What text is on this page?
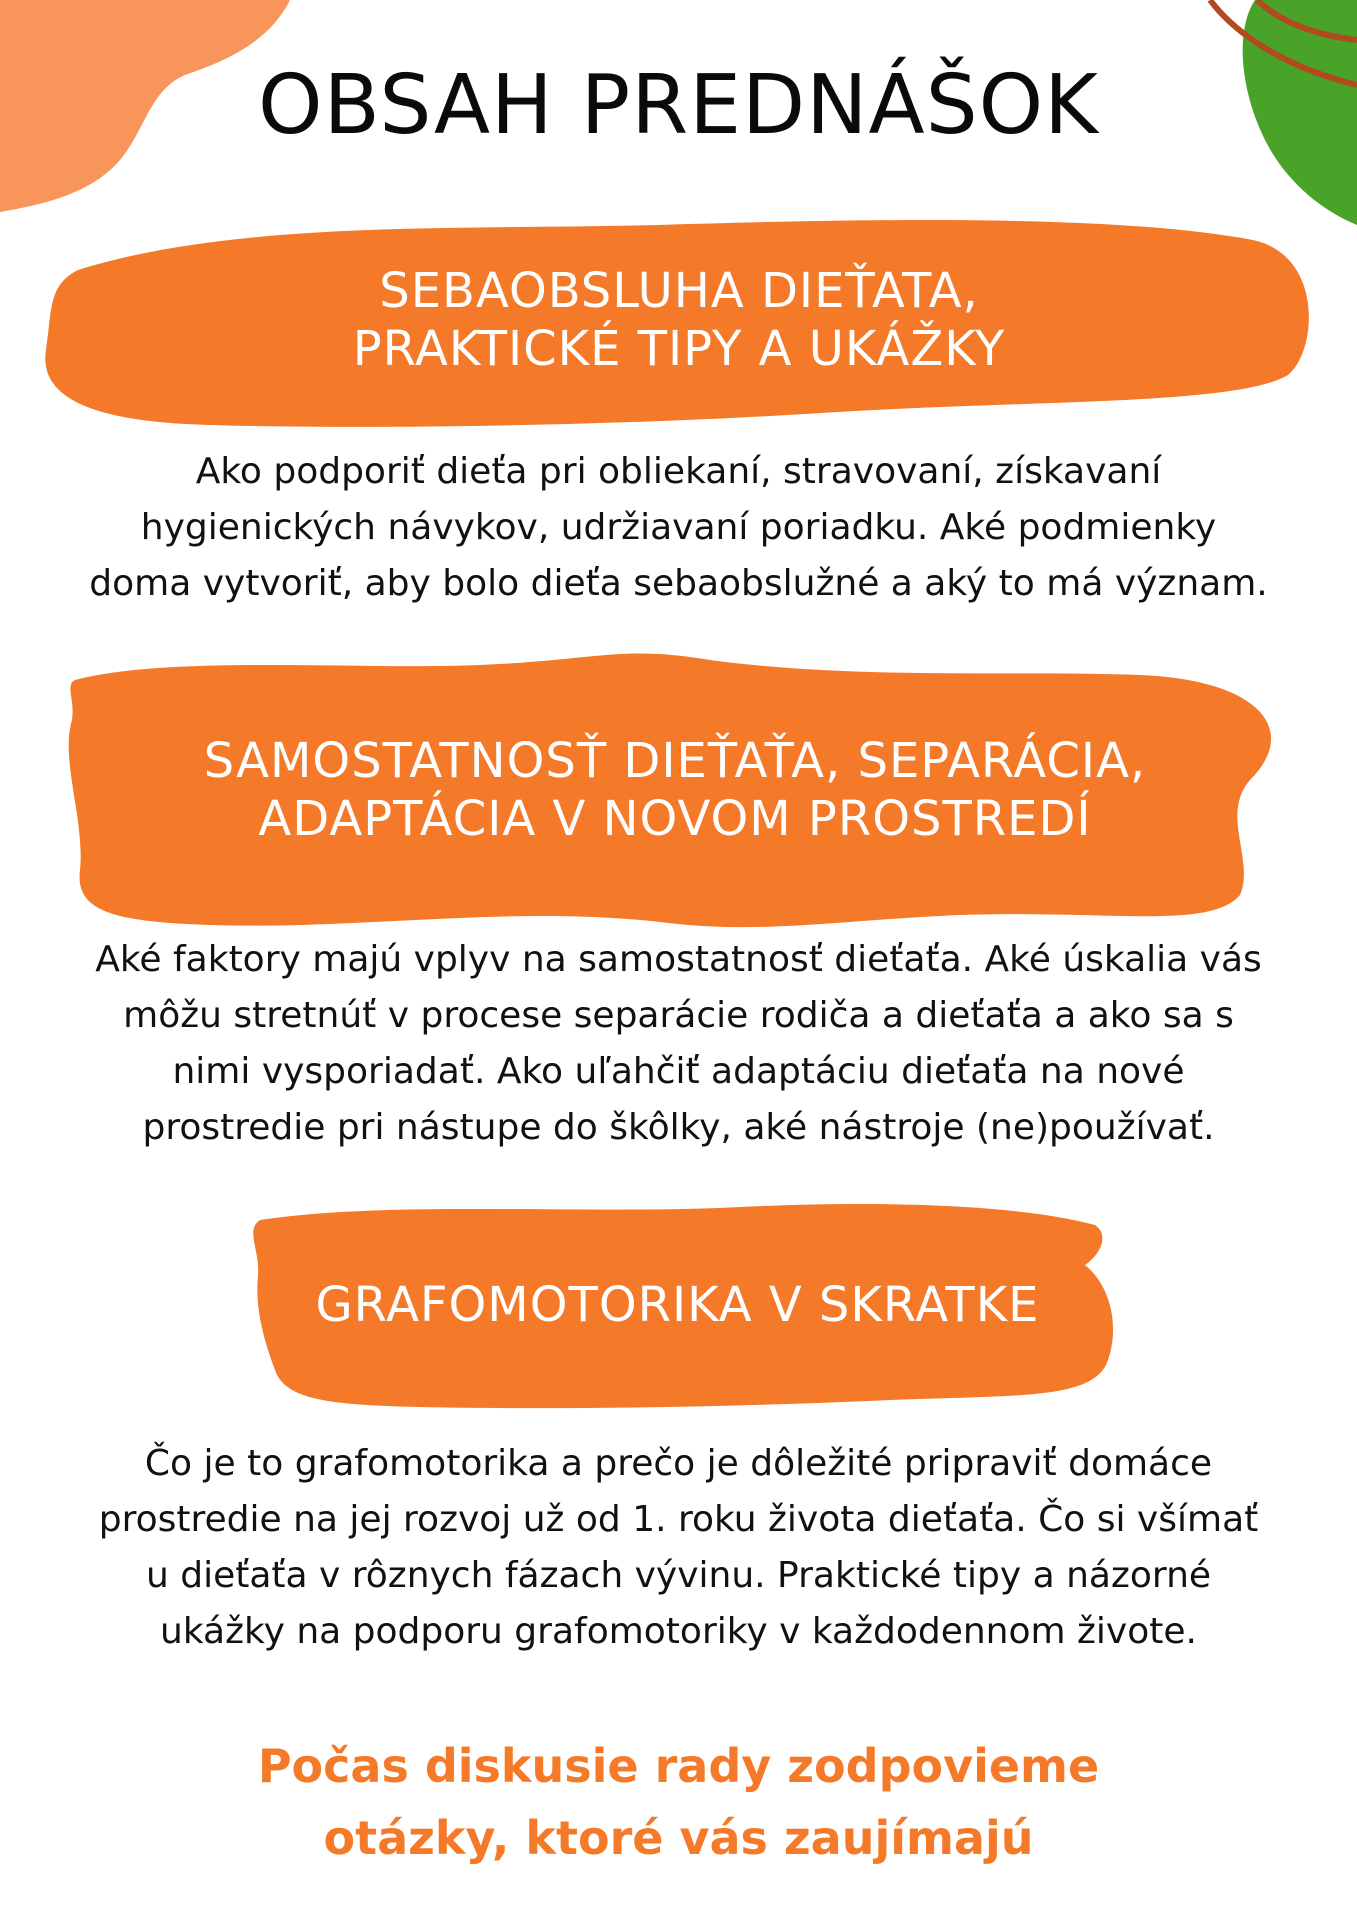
OBSAH PREDNÁŠOK
SEBAOBSLUHA DIEŤATA,
PRAKTICKÉ TIPY A UKÁŽKY
Ako podporiť dieťa pri obliekaní, stravovaní, získavaní
hygienických návykov, udržiavaní poriadku. Aké podmienky
doma vytvoriť, aby bolo dieťa sebaobslužné a aký to má význam.
SAMOSTATNOSŤ DIEŤAŤA, SEPARÁCIA,
ADAPTÁCIA V NOVOM PROSTREDÍ
Aké faktory majú vplyv na samostatnosť dieťaťa. Aké úskalia vás
môžu stretnúť v procese separácie rodiča a dieťaťa a ako sa s
nimi vysporiadať. Ako uľahčiť adaptáciu dieťaťa na nové
prostredie pri nástupe do škôlky, aké nástroje (ne)používať.
GRAFOMOTORIKA V SKRATKE
Čo je to grafomotorika a prečo je dôležité pripraviť domáce
prostredie na jej rozvoj už od 1. roku života dieťaťa. Čo si všímať
u dieťaťa v rôznych fázach vývinu. Praktické tipy a názorné
ukážky na podporu grafomotoriky v každodennom živote.
Počas diskusie rady zodpovieme
otázky, ktoré vás zaujímajú
